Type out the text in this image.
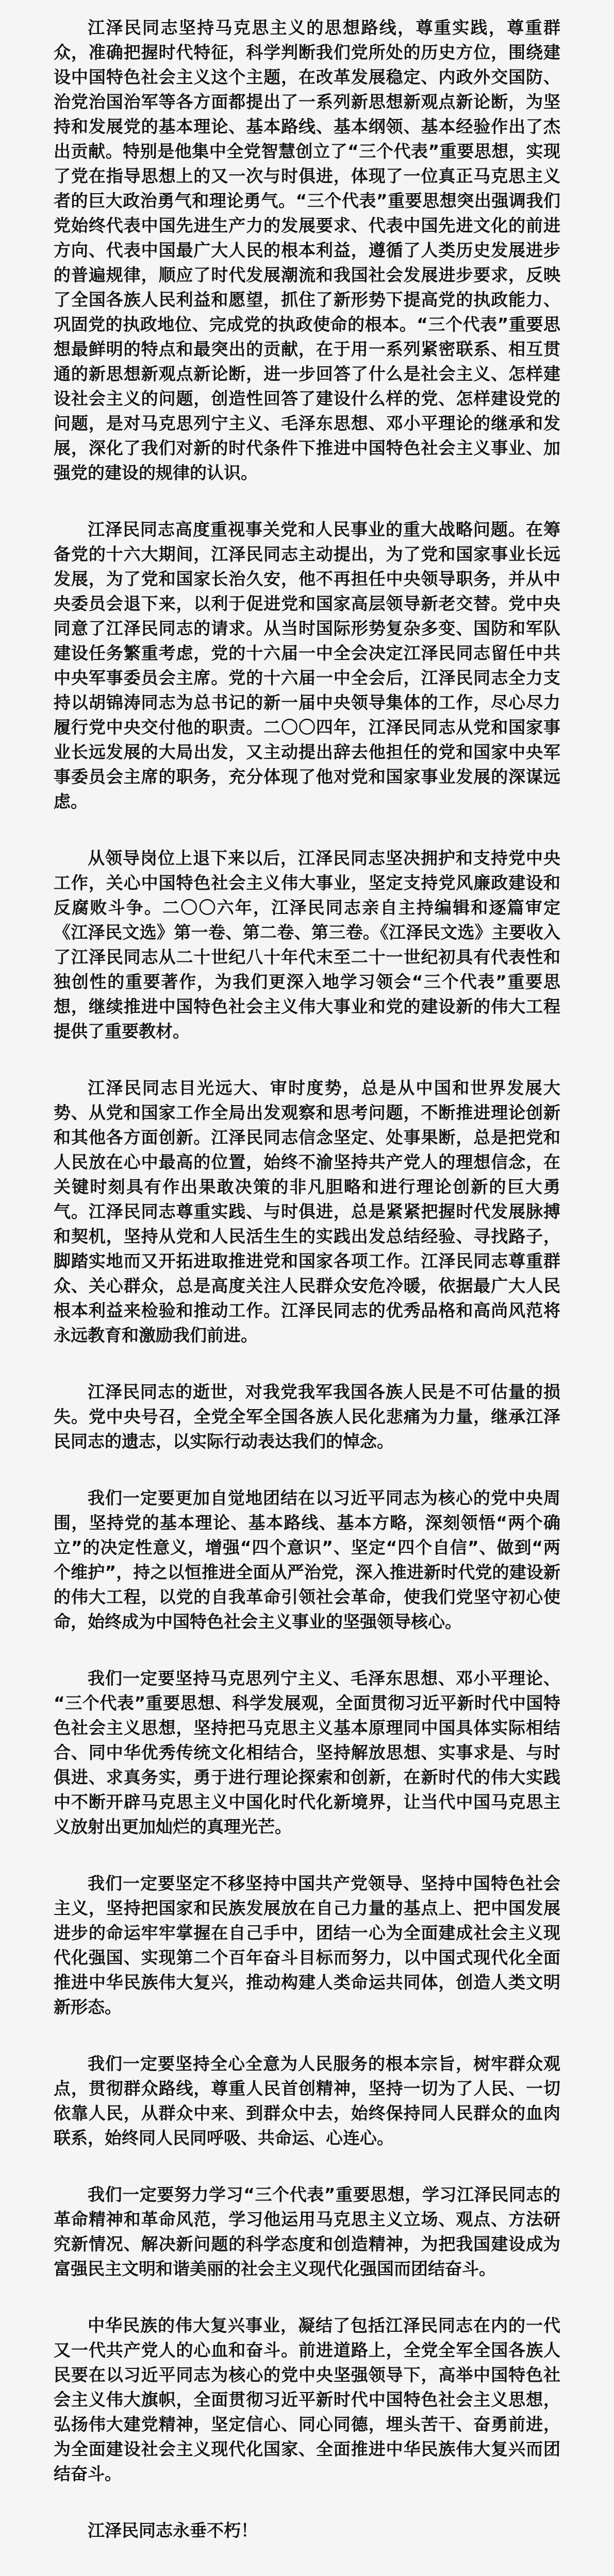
江泽民同志坚持马克思主义的思想路线，尊重实践，尊重群众，准确把握时代特征，科学判断我们党所处的历史方位，围绕建设中国特色社会主义这个主题，在改革发展稳定、内政外交国防、治党治国治军等各方面都提出了一系列新思想新观点新论断，为坚持和发展党的基本理论、基本路线、基本纲领、基本经验作出了杰出贡献。特别是他集中全党智慧创立了“三个代表”重要思想，实现了党在指导思想上的又一次与时俱进，体现了一位真正马克思主义者的巨大政治勇气和理论勇气。“三个代表”重要思想突出强调我们党始终代表中国先进生产力的发展要求、代表中国先进文化的前进方向、代表中国最广大人民的根本利益，遵循了人类历史发展进步的普遍规律，顺应了时代发展潮流和我国社会发展进步要求，反映了全国各族人民利益和愿望，抓住了新形势下提高党的执政能力、巩固党的执政地位、完成党的执政使命的根本。“三个代表”重要思想最鲜明的特点和最突出的贡献，在于用一系列紧密联系、相互贯通的新思想新观点新论断，进一步回答了什么是社会主义、怎样建设社会主义的问题，创造性回答了建设什么样的党、怎样建设党的问题，是对马克思列宁主义、毛泽东思想、邓小平理论的继承和发展，深化了我们对新的时代条件下推进中国特色社会主义事业、加强党的建设的规律的认识。

江泽民同志高度重视事关党和人民事业的重大战略问题。在筹备党的十六大期间，江泽民同志主动提出，为了党和国家事业长远发展，为了党和国家长治久安，他不再担任中央领导职务，并从中央委员会退下来，以利于促进党和国家高层领导新老交替。党中央同意了江泽民同志的请求。从当时国际形势复杂多变、国防和军队建设任务繁重考虑，党的十六届一中全会决定江泽民同志留任中共中央军事委员会主席。党的十六届一中全会后，江泽民同志全力支持以胡锦涛同志为总书记的新一届中央领导集体的工作，尽心尽力履行党中央交付他的职责。二〇〇四年，江泽民同志从党和国家事业长远发展的大局出发，又主动提出辞去他担任的党和国家中央军事委员会主席的职务，充分体现了他对党和国家事业发展的深谋远虑。

从领导岗位上退下来以后，江泽民同志坚决拥护和支持党中央工作，关心中国特色社会主义伟大事业，坚定支持党风廉政建设和反腐败斗争。二〇〇六年，江泽民同志亲自主持编辑和逐篇审定《江泽民文选》第一卷、第二卷、第三卷。《江泽民文选》主要收入了江泽民同志从二十世纪八十年代末至二十一世纪初具有代表性和独创性的重要著作，为我们更深入地学习领会“三个代表”重要思想，继续推进中国特色社会主义伟大事业和党的建设新的伟大工程提供了重要教材。

江泽民同志目光远大、审时度势，总是从中国和世界发展大势、从党和国家工作全局出发观察和思考问题，不断推进理论创新和其他各方面创新。江泽民同志信念坚定、处事果断，总是把党和人民放在心中最高的位置，始终不渝坚持共产党人的理想信念，在关键时刻具有作出果敢决策的非凡胆略和进行理论创新的巨大勇气。江泽民同志尊重实践、与时俱进，总是紧紧把握时代发展脉搏和契机，坚持从党和人民活生生的实践出发总结经验、寻找路子，脚踏实地而又开拓进取推进党和国家各项工作。江泽民同志尊重群众、关心群众，总是高度关注人民群众安危冷暖，依据最广大人民根本利益来检验和推动工作。江泽民同志的优秀品格和高尚风范将永远教育和激励我们前进。

江泽民同志的逝世，对我党我军我国各族人民是不可估量的损失。党中央号召，全党全军全国各族人民化悲痛为力量，继承江泽民同志的遗志，以实际行动表达我们的悼念。

我们一定要更加自觉地团结在以习近平同志为核心的党中央周围，坚持党的基本理论、基本路线、基本方略，深刻领悟“两个确立”的决定性意义，增强“四个意识”、坚定“四个自信”、做到“两个维护”，持之以恒推进全面从严治党，深入推进新时代党的建设新的伟大工程，以党的自我革命引领社会革命，使我们党坚守初心使命，始终成为中国特色社会主义事业的坚强领导核心。

我们一定要坚持马克思列宁主义、毛泽东思想、邓小平理论、“三个代表”重要思想、科学发展观，全面贯彻习近平新时代中国特色社会主义思想，坚持把马克思主义基本原理同中国具体实际相结合、同中华优秀传统文化相结合，坚持解放思想、实事求是、与时俱进、求真务实，勇于进行理论探索和创新，在新时代的伟大实践中不断开辟马克思主义中国化时代化新境界，让当代中国马克思主义放射出更加灿烂的真理光芒。

我们一定要坚定不移坚持中国共产党领导、坚持中国特色社会主义，坚持把国家和民族发展放在自己力量的基点上、把中国发展进步的命运牢牢掌握在自己手中，团结一心为全面建成社会主义现代化强国、实现第二个百年奋斗目标而努力，以中国式现代化全面推进中华民族伟大复兴，推动构建人类命运共同体，创造人类文明新形态。

我们一定要坚持全心全意为人民服务的根本宗旨，树牢群众观点，贯彻群众路线，尊重人民首创精神，坚持一切为了人民、一切依靠人民，从群众中来、到群众中去，始终保持同人民群众的血肉联系，始终同人民同呼吸、共命运、心连心。

我们一定要努力学习“三个代表”重要思想，学习江泽民同志的革命精神和革命风范，学习他运用马克思主义立场、观点、方法研究新情况、解决新问题的科学态度和创造精神，为把我国建设成为富强民主文明和谐美丽的社会主义现代化强国而团结奋斗。

中华民族的伟大复兴事业，凝结了包括江泽民同志在内的一代又一代共产党人的心血和奋斗。前进道路上，全党全军全国各族人民要在以习近平同志为核心的党中央坚强领导下，高举中国特色社会主义伟大旗帜，全面贯彻习近平新时代中国特色社会主义思想，弘扬伟大建党精神，坚定信心、同心同德，埋头苦干、奋勇前进，为全面建设社会主义现代化国家、全面推进中华民族伟大复兴而团结奋斗。

江泽民同志永垂不朽！
